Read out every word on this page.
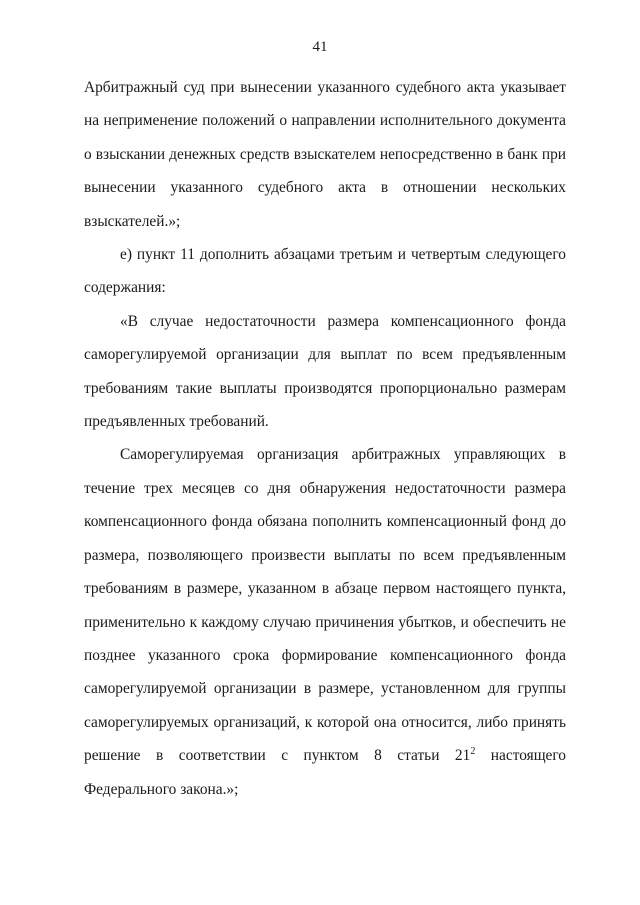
41

Арбитражный суд при вынесении указанного судебного акта указывает на неприменение положений о направлении исполнительного документа о взыскании денежных средств взыскателем непосредственно в банк при вынесении указанного судебного акта в отношении нескольких взыскателей.»;

е) пункт 11 дополнить абзацами третьим и четвертым следующего содержания:

«В случае недостаточности размера компенсационного фонда саморегулируемой организации для выплат по всем предъявленным требованиям такие выплаты производятся пропорционально размерам предъявленных требований.

Саморегулируемая организация арбитражных управляющих в течение трех месяцев со дня обнаружения недостаточности размера компенсационного фонда обязана пополнить компенсационный фонд до размера, позволяющего произвести выплаты по всем предъявленным требованиям в размере, указанном в абзаце первом настоящего пункта, применительно к каждому случаю причинения убытков, и обеспечить не позднее указанного срока формирование компенсационного фонда саморегулируемой организации в размере, установленном для группы саморегулируемых организаций, к которой она относится, либо принять решение в соответствии с пунктом 8 статьи $21^2$ настоящего Федерального закона.»;
